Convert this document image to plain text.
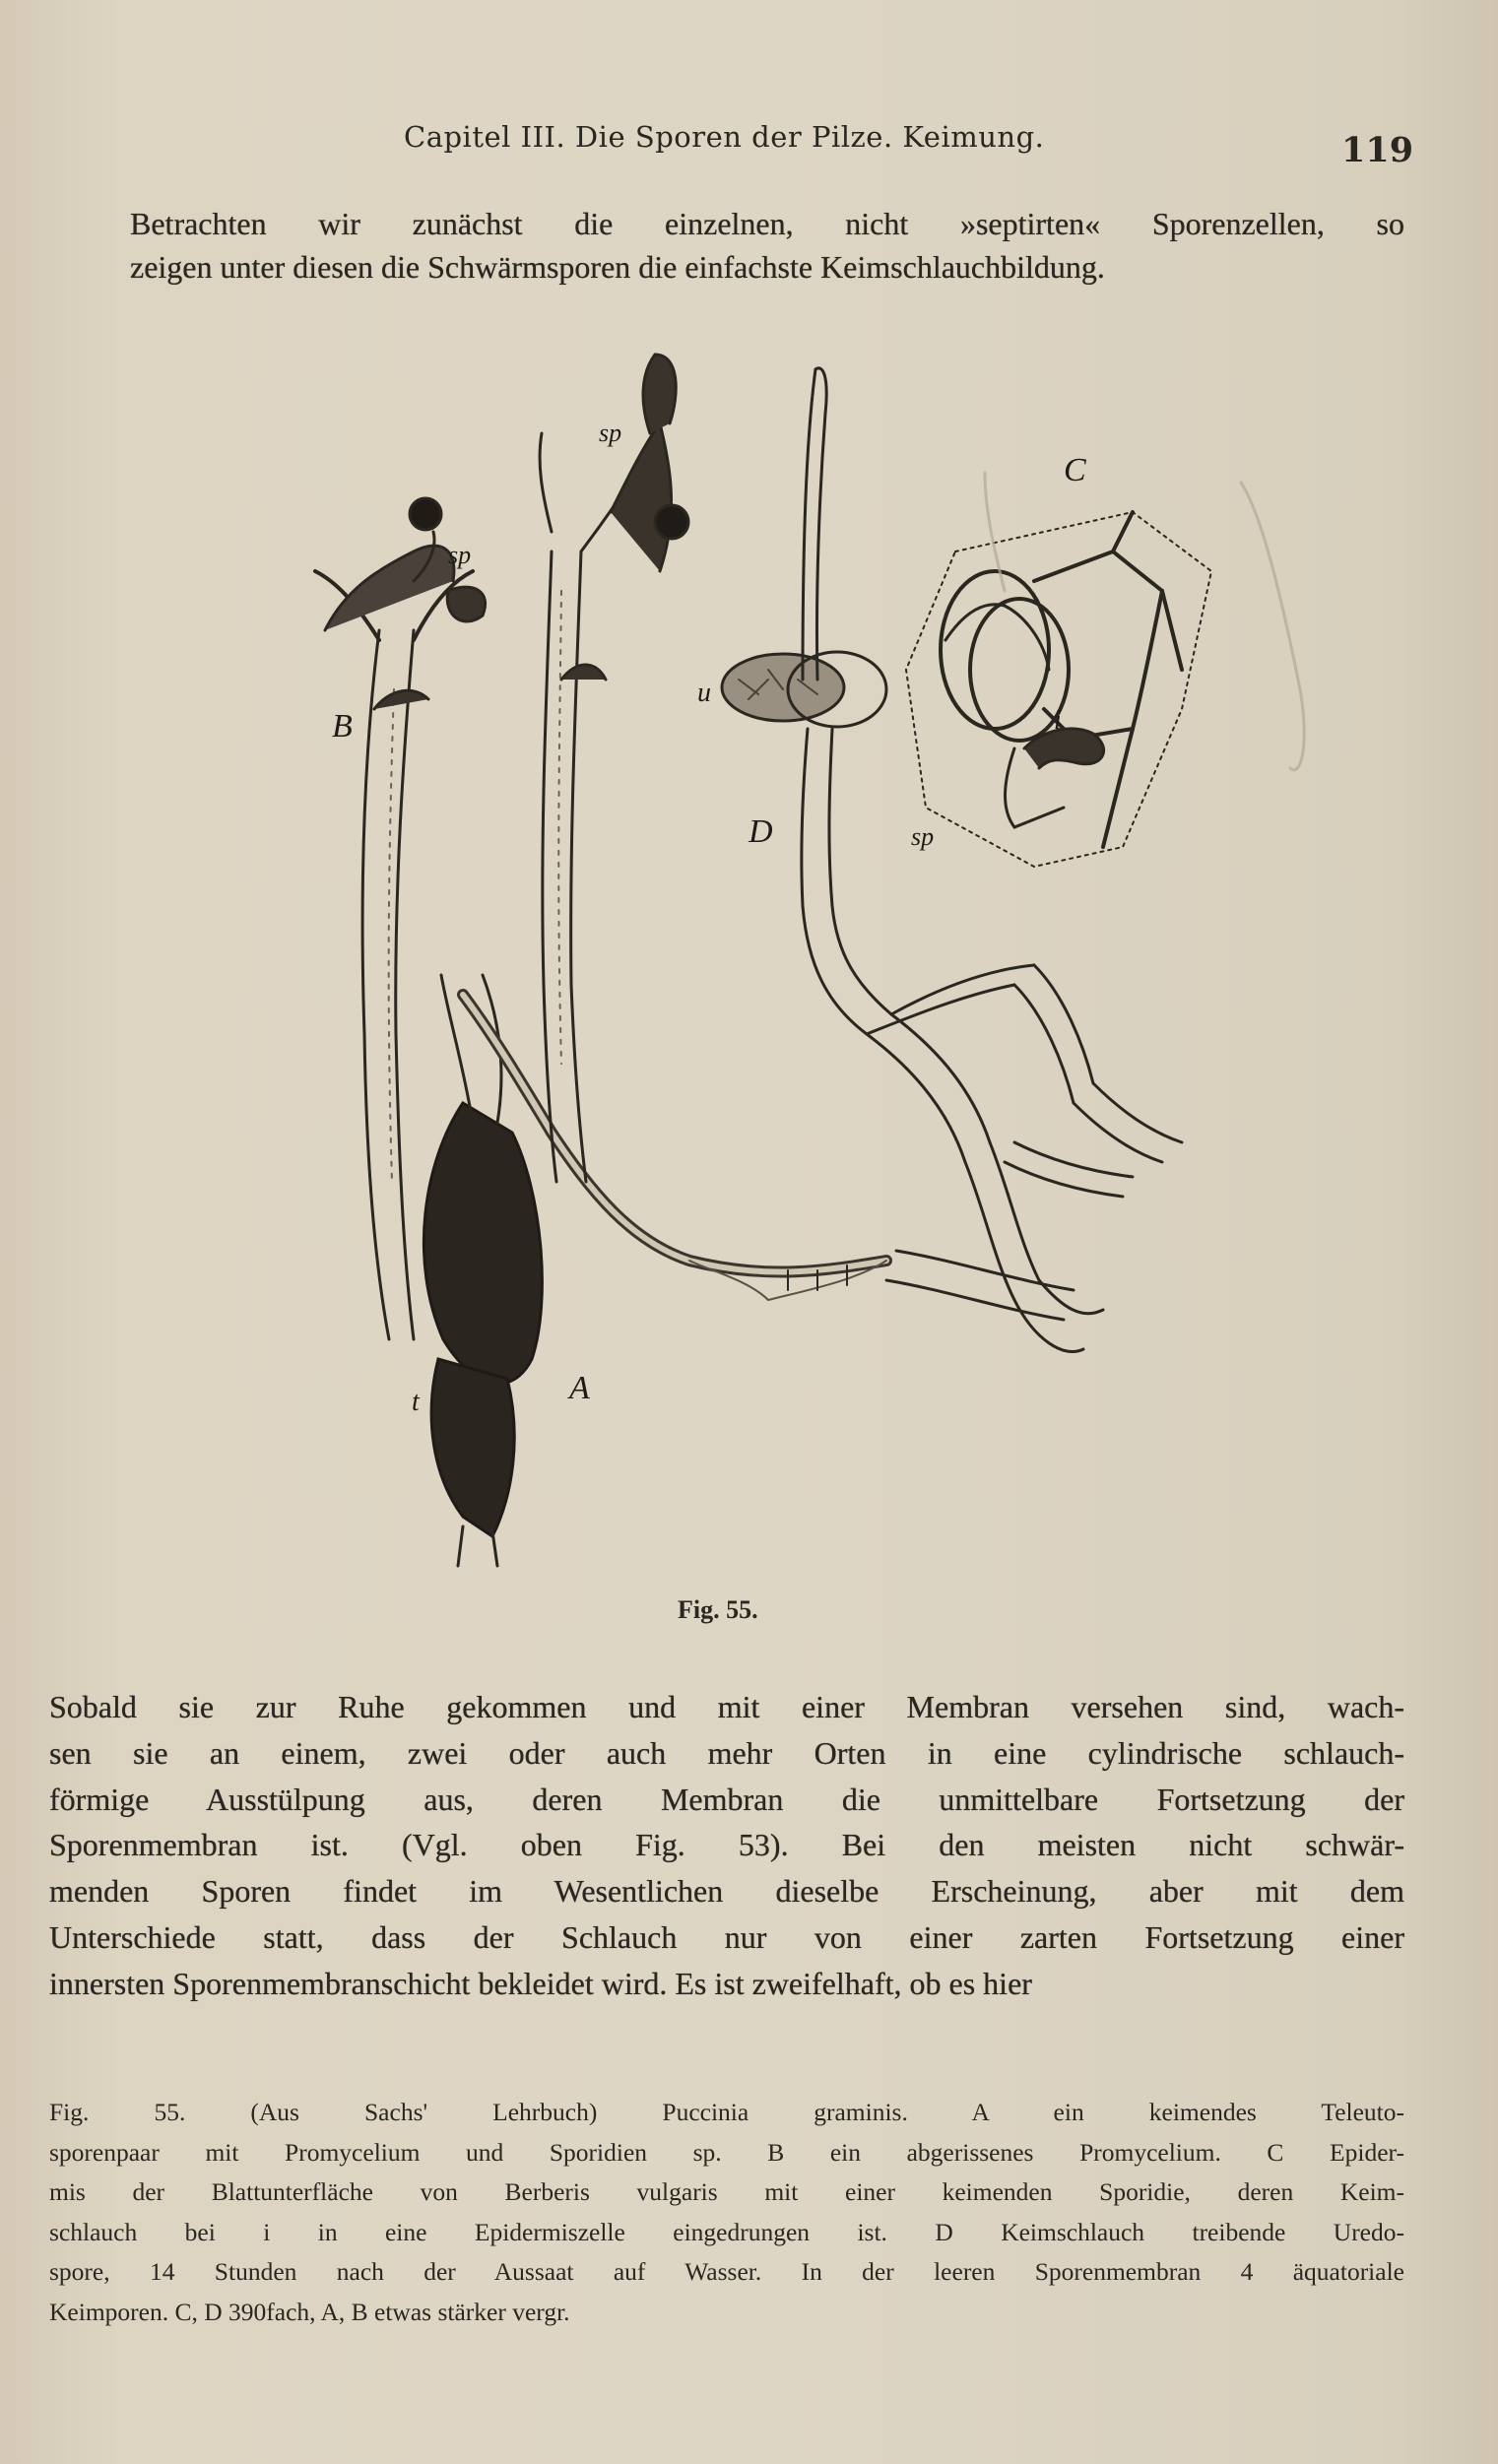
Capitel III. Die Sporen der Pilze. Keimung.	119
Betrachten wir zunächst die einzelnen, nicht »septirten« Sporenzellen, so
zeigen unter diesen die Schwärmsporen die einfachste Keimschlauchbildung.
A
B
C
D
sp
sp
sp
t
u
i
Fig. 55.
Sobald sie zur Ruhe gekommen und mit einer Membran versehen sind, wach-
sen sie an einem, zwei oder auch mehr Orten in eine cylindrische schlauch-
förmige Ausstülpung aus, deren Membran die unmittelbare Fortsetzung der
Sporenmembran ist. (Vgl. oben Fig. 53). Bei den meisten nicht schwär-
menden Sporen findet im Wesentlichen dieselbe Erscheinung, aber mit dem
Unterschiede statt, dass der Schlauch nur von einer zarten Fortsetzung einer
innersten Sporenmembranschicht bekleidet wird. Es ist zweifelhaft, ob es hier
Fig. 55. (Aus Sachs' Lehrbuch) Puccinia graminis. A ein keimendes Teleuto-
sporenpaar mit Promycelium und Sporidien sp. B ein abgerissenes Promycelium. C Epider-
mis der Blattunterfläche von Berberis vulgaris mit einer keimenden Sporidie, deren Keim-
schlauch bei i in eine Epidermiszelle eingedrungen ist. D Keimschlauch treibende Uredo-
spore, 14 Stunden nach der Aussaat auf Wasser. In der leeren Sporenmembran 4 äquatoriale
Keimporen. C, D 390fach, A, B etwas stärker vergr.
